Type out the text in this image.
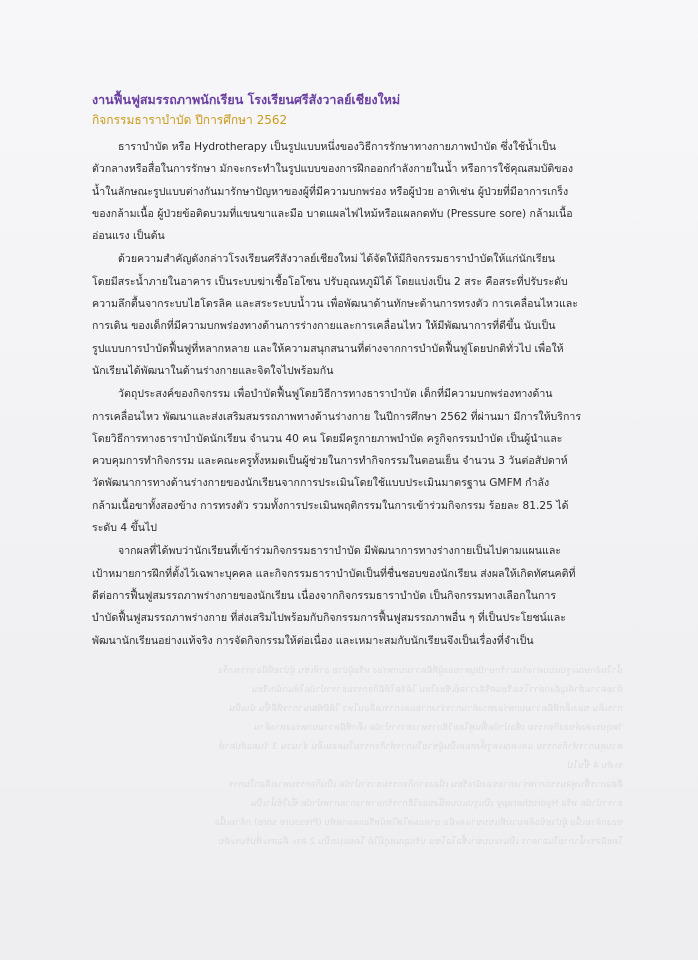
งานฟื้นฟูสมรรถภาพนักเรียน โรงเรียนศรีสังวาลย์เชียงใหม่
กิจกรรมธาราบำบัด ปีการศึกษา 2562
ธาราบำบัด หรือ Hydrotherapy เป็นรูปแบบหนึ่งของวิธีการรักษาทางกายภาพบำบัด ซึ่งใช้น้ำเป็น
ตัวกลางหรือสื่อในการรักษา มักจะกระทำในรูปแบบของการฝึกออกกำลังกายในน้ำ หรือการใช้คุณสมบัติของ
น้ำในลักษณะรูปแบบต่างกันมารักษาปัญหาของผู้ที่มีความบกพร่อง หรือผู้ป่วย อาทิเช่น ผู้ป่วยที่มีอาการเกร็ง
ของกล้ามเนื้อ ผู้ป่วยข้อติดบวมที่แขนขาและมือ บาดแผลไฟไหม้หรือแผลกดทับ (Pressure sore) กล้ามเนื้อ
อ่อนแรง เป็นต้น
ด้วยความสำคัญดังกล่าวโรงเรียนศรีสังวาลย์เชียงใหม่ ได้จัดให้มีกิจกรรมธาราบำบัดให้แก่นักเรียน
โดยมีสระน้ำภายในอาคาร เป็นระบบฆ่าเชื้อโอโซน ปรับอุณหภูมิได้ โดยแบ่งเป็น 2 สระ คือสระที่ปรับระดับ
ความลึกตื้นจากระบบไฮโดรลิค และสระระบบน้ำวน เพื่อพัฒนาด้านทักษะด้านการทรงตัว การเคลื่อนไหวและ
การเดิน ของเด็กที่มีความบกพร่องทางด้านการร่างกายและการเคลื่อนไหว ให้มีพัฒนาการที่ดีขึ้น นับเป็น
รูปแบบการบำบัดฟื้นฟูที่หลากหลาย และให้ความสนุกสนานที่ต่างจากการบำบัดฟื้นฟูโดยปกติทั่วไป เพื่อให้
นักเรียนได้พัฒนาในด้านร่างกายและจิตใจไปพร้อมกัน
วัตถุประสงค์ของกิจกรรม เพื่อบำบัดฟื้นฟูโดยวิธีการทางธาราบำบัด เด็กที่มีความบกพร่องทางด้าน
การเคลื่อนไหว พัฒนาและส่งเสริมสมรรถภาพทางด้านร่างกาย ในปีการศึกษา 2562 ที่ผ่านมา มีการให้บริการ
โดยวิธีการทางธาราบำบัดนักเรียน จำนวน 40 คน โดยมีครูกายภาพบำบัด ครูกิจกรรมบำบัด เป็นผู้นำและ
ควบคุมการทำกิจกรรม และคณะครูทั้งหมดเป็นผู้ช่วยในการทำกิจกรรมในตอนเย็น จำนวน 3 วันต่อสัปดาห์
วัดพัฒนาการทางด้านร่างกายของนักเรียนจากการประเมินโดยใช้แบบประเมินมาตรฐาน GMFM กำลัง
กล้ามเนื้อขาทั้งสองข้าง การทรงตัว รวมทั้งการประเมินพฤติกรรมในการเข้าร่วมกิจกรรม ร้อยละ 81.25 ได้
ระดับ 4 ขึ้นไป
จากผลที่ได้พบว่านักเรียนที่เข้าร่วมกิจกรรมธาราบำบัด มีพัฒนาการทางร่างกายเป็นไปตามแผนและ
เป้าหมายการฝึกที่ตั้งไว้เฉพาะบุคคล และกิจกรรมธาราบำบัดเป็นที่ชื่นชอบของนักเรียน ส่งผลให้เกิดทัศนคติที่
ดีต่อการฟื้นฟูสมรรถภาพร่างกายของนักเรียน เนื่องจากกิจกรรมธาราบำบัด เป็นกิจกรรมทางเลือกในการ
บำบัดฟื้นฟูสมรรถภาพร่างกาย ที่ส่งเสริมไปพร้อมกับกิจกรรมการฟื้นฟูสมรรถภาพอื่น ๆ ที่เป็นประโยชน์และ
พัฒนานักเรียนอย่างแท้จริง การจัดกิจกรรมให้ต่อเนื่อง และเหมาะสมกับนักเรียนจึงเป็นเรื่องที่จำเป็น
น้ำในลักษณะรูปแบบต่างกันมารักษาปัญหาของผู้ที่มีความบกพร่อง หรือผู้ป่วย อาทิเช่น ผู้ป่วยที่มีอาการเกร็ง
ด้วยความสำคัญดังกล่าวโรงเรียนศรีสังวาลย์เชียงใหม่ ได้จัดให้มีกิจกรรมธาราบำบัดให้แก่นักเรียน
การเดิน ของเด็กที่มีความบกพร่องทางด้านการร่างกายและการเคลื่อนไหว ให้มีพัฒนาการที่ดีขึ้น นับเป็น
วัตถุประสงค์ของกิจกรรม เพื่อบำบัดฟื้นฟูโดยวิธีการทางธาราบำบัด เด็กที่มีความบกพร่องทางด้าน
ควบคุมการทำกิจกรรม และคณะครูทั้งหมดเป็นผู้ช่วยในการทำกิจกรรมในตอนเย็น จำนวน 3 วันต่อสัปดาห์
ระดับ 4 ขึ้นไป
ดีต่อการฟื้นฟูสมรรถภาพร่างกายของนักเรียน เนื่องจากกิจกรรมธาราบำบัด เป็นกิจกรรมทางเลือกในการ
ธาราบำบัด หรือ Hydrotherapy เป็นรูปแบบหนึ่งของวิธีการรักษาทางกายภาพบำบัด ซึ่งใช้น้ำเป็น
ของกล้ามเนื้อ ผู้ป่วยข้อติดบวมที่แขนขาและมือ บาดแผลไฟไหม้หรือแผลกดทับ (Pressure sore) กล้ามเนื้อ
โดยมีสระน้ำภายในอาคาร เป็นระบบฆ่าเชื้อโอโซน ปรับอุณหภูมิได้ โดยแบ่งเป็น 2 สระ คือสระที่ปรับระดับ
